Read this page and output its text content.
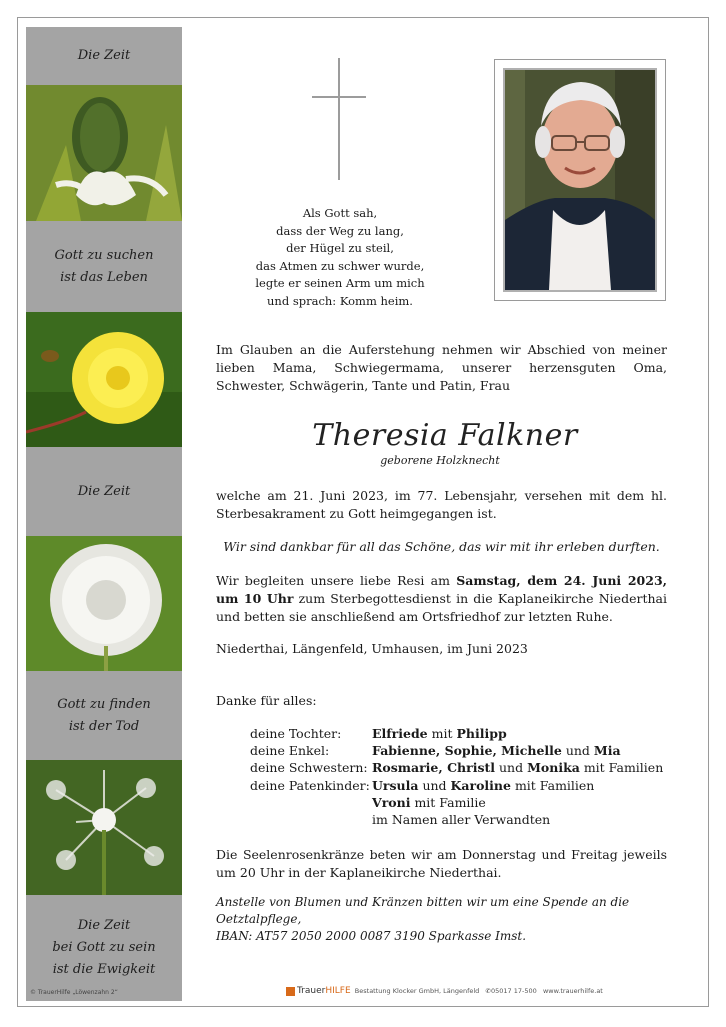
Die Zeit
Gott zu suchen
ist das Leben
Die Zeit
Gott zu finden
ist der Tod
Die Zeit
bei Gott zu sein
ist die Ewigkeit
© TrauerHilfe „Löwenzahn 2“
Als Gott sah,
dass der Weg zu lang,
der Hügel zu steil,
das Atmen zu schwer wurde,
legte er seinen Arm um mich
und sprach: Komm heim.
Im Glauben an die Auferstehung nehmen wir Abschied von meiner lieben Mama, Schwiegermama, unserer herzensguten Oma, Schwester, Schwägerin, Tante und Patin, Frau
Theresia Falkner
geborene Holzknecht
welche am 21. Juni 2023, im 77. Lebensjahr, versehen mit dem hl. Sterbesakrament zu Gott heimgegangen ist.
Wir sind dankbar für all das Schöne, das wir mit ihr erleben durften.
Wir begleiten unsere liebe Resi am Samstag, dem 24. Juni 2023, um 10 Uhr zum Sterbegottesdienst in die Kaplaneikirche Niederthai und betten sie anschließend am Ortsfriedhof zur letzten Ruhe.
Niederthai, Längenfeld, Umhausen, im Juni 2023
Danke für alles:
deine Tochter:
deine Enkel:
deine Schwestern:
deine Patenkinder:
Elfriede mit Philipp
Fabienne, Sophie, Michelle und Mia
Rosmarie, Christl und Monika mit Familien
Ursula und Karoline mit Familien
Vroni mit Familie
im Namen aller Verwandten
Die Seelenrosenkränze beten wir am Donnerstag und Freitag jeweils um 20 Uhr in der Kaplaneikirche Niederthai.
Anstelle von Blumen und Kränzen bitten wir um eine Spende an die Oetztalpflege,
IBAN: AT57 2050 2000 0087 3190 Sparkasse Imst.
TrauerHILFE Bestattung Klocker GmbH, Längenfeld ✆05017 17-500 www.trauerhilfe.at
